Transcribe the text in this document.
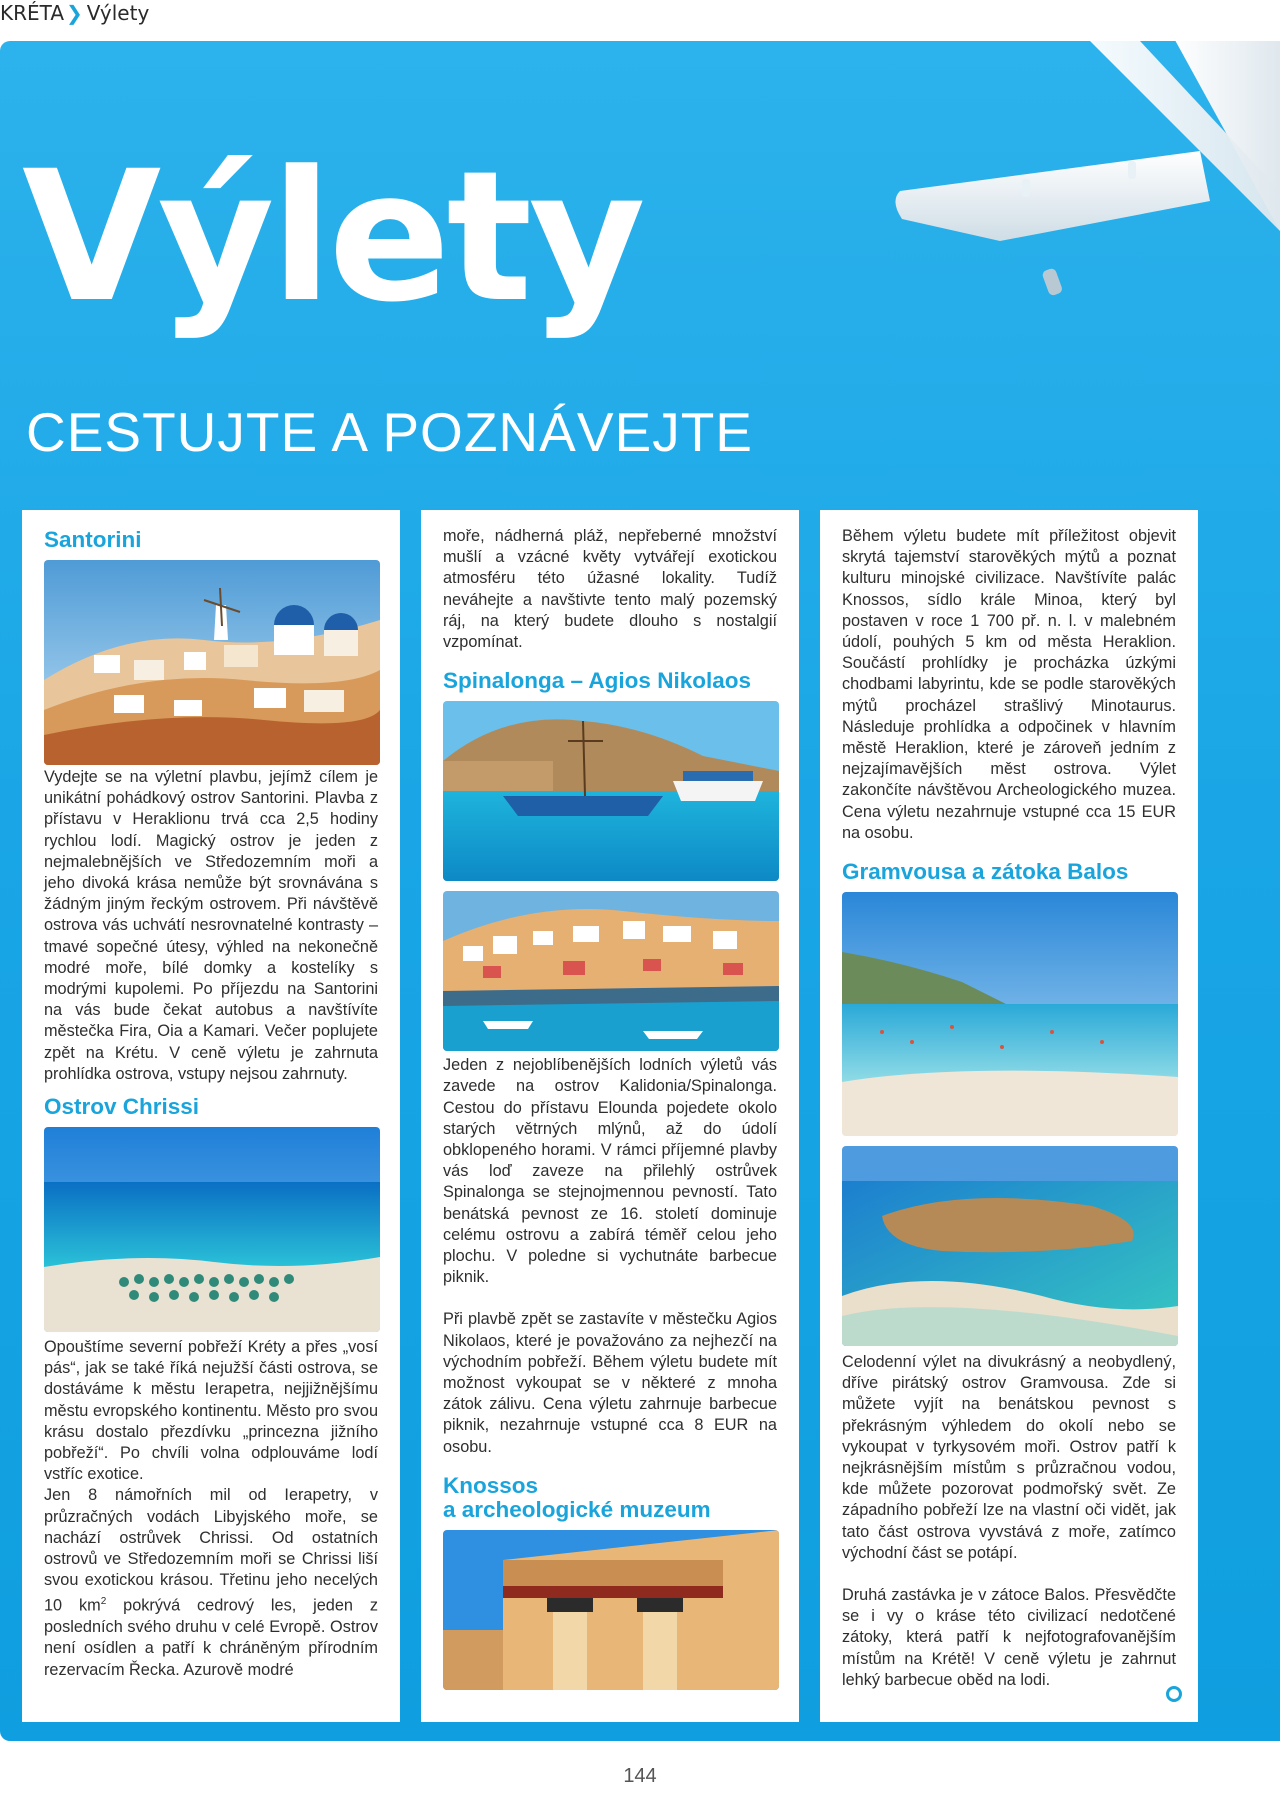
KRÉTA ❯ Výlety
Výlety
CESTUJTE A POZNÁVEJTE
Santorini

Vydejte se na výletní plavbu, jejímž cílem je unikátní pohádkový ostrov Santorini. Plavba z přístavu v Heraklionu trvá cca 2,5 hodiny rychlou lodí. Magický ostrov je jeden z nejmalebnějších ve Středozemním moři a jeho divoká krása nemůže být srovnávána s žádným jiným řeckým ostrovem. Při návštěvě ostrova vás uchvátí nesrovnatelné kontrasty – tmavé sopečné útesy, výhled na nekonečně modré moře, bílé domky a kostelíky s modrými kupolemi. Po příjezdu na Santorini na vás bude čekat autobus a navštívíte městečka Fira, Oia a Kamari. Večer poplujete zpět na Krétu. V ceně výletu je zahrnuta prohlídka ostrova, vstupy nejsou zahrnuty.

Ostrov Chrissi

Opouštíme severní pobřeží Kréty a přes „vosí pás“, jak se také říká nejužší části ostrova, se dostáváme k městu Ierapetra, nejjižnějšímu městu evropského kontinentu. Město pro svou krásu dostalo přezdívku „princezna jižního pobřeží“. Po chvíli volna odplouváme lodí vstříc exotice.

Jen 8 námořních mil od Ierapetry, v průzračných vodách Libyjského moře, se nachází ostrůvek Chrissi. Od ostatních ostrovů ve Středozemním moři se Chrissi liší svou exotickou krásou. Třetinu jeho necelých 10 $km^2$ pokrývá cedrový les, jeden z posledních svého druhu v celé Evropě. Ostrov není osídlen a patří k chráněným přírodním rezervacím Řecka. Azurově modré

moře, nádherná pláž, nepřeberné množství mušlí a vzácné květy vytvářejí exotickou atmosféru této úžasné lokality. Tudíž neváhejte a navštivte tento malý pozemský ráj, na který budete dlouho s nostalgií vzpomínat.

Spinalonga – Agios Nikolaos

Jeden z nejoblíbenějších lodních výletů vás zavede na ostrov Kalidonia/Spinalonga. Cestou do přístavu Elounda pojedete okolo starých větrných mlýnů, až do údolí obklopeného horami. V rámci příjemné plavby vás loď zaveze na přilehlý ostrůvek Spinalonga se stejnojmennou pevností. Tato benátská pevnost ze 16. století dominuje celému ostrovu a zabírá téměř celou jeho plochu. V poledne si vychutnáte barbecue piknik.

Při plavbě zpět se zastavíte v městečku Agios Nikolaos, které je považováno za nejhezčí na východním pobřeží. Během výletu budete mít možnost vykoupat se v některé z mnoha zátok zálivu. Cena výletu zahrnuje barbecue piknik, nezahrnuje vstupné cca 8 EUR na osobu.

Knossos
a archeologické muzeum

Během výletu budete mít příležitost objevit skrytá tajemství starověkých mýtů a poznat kulturu minojské civilizace. Navštívíte palác Knossos, sídlo krále Minoa, který byl postaven v roce 1 700 př. n. l. v malebném údolí, pouhých 5 km od města Heraklion. Součástí prohlídky je procházka úzkými chodbami labyrintu, kde se podle starověkých mýtů procházel strašlivý Minotaurus. Následuje prohlídka a odpočinek v hlavním městě Heraklion, které je zároveň jedním z nejzajímavějších měst ostrova. Výlet zakončíte návštěvou Archeologického muzea. Cena výletu nezahrnuje vstupné cca 15 EUR na osobu.

Gramvousa a zátoka Balos

Celodenní výlet na divukrásný a neobydlený, dříve pirátský ostrov Gramvousa. Zde si můžete vyjít na benátskou pevnost s překrásným výhledem do okolí nebo se vykoupat v tyrkysovém moři. Ostrov patří k nejkrásnějším místům s průzračnou vodou, kde můžete pozorovat podmořský svět. Ze západního pobřeží lze na vlastní oči vidět, jak tato část ostrova vyvstává z moře, zatímco východní část se potápí.

Druhá zastávka je v zátoce Balos. Přesvědčte se i vy o kráse této civilizací nedotčené zátoky, která patří k nejfotografovanějším místům na Krétě! V ceně výletu je zahrnut lehký barbecue oběd na lodi.

144
